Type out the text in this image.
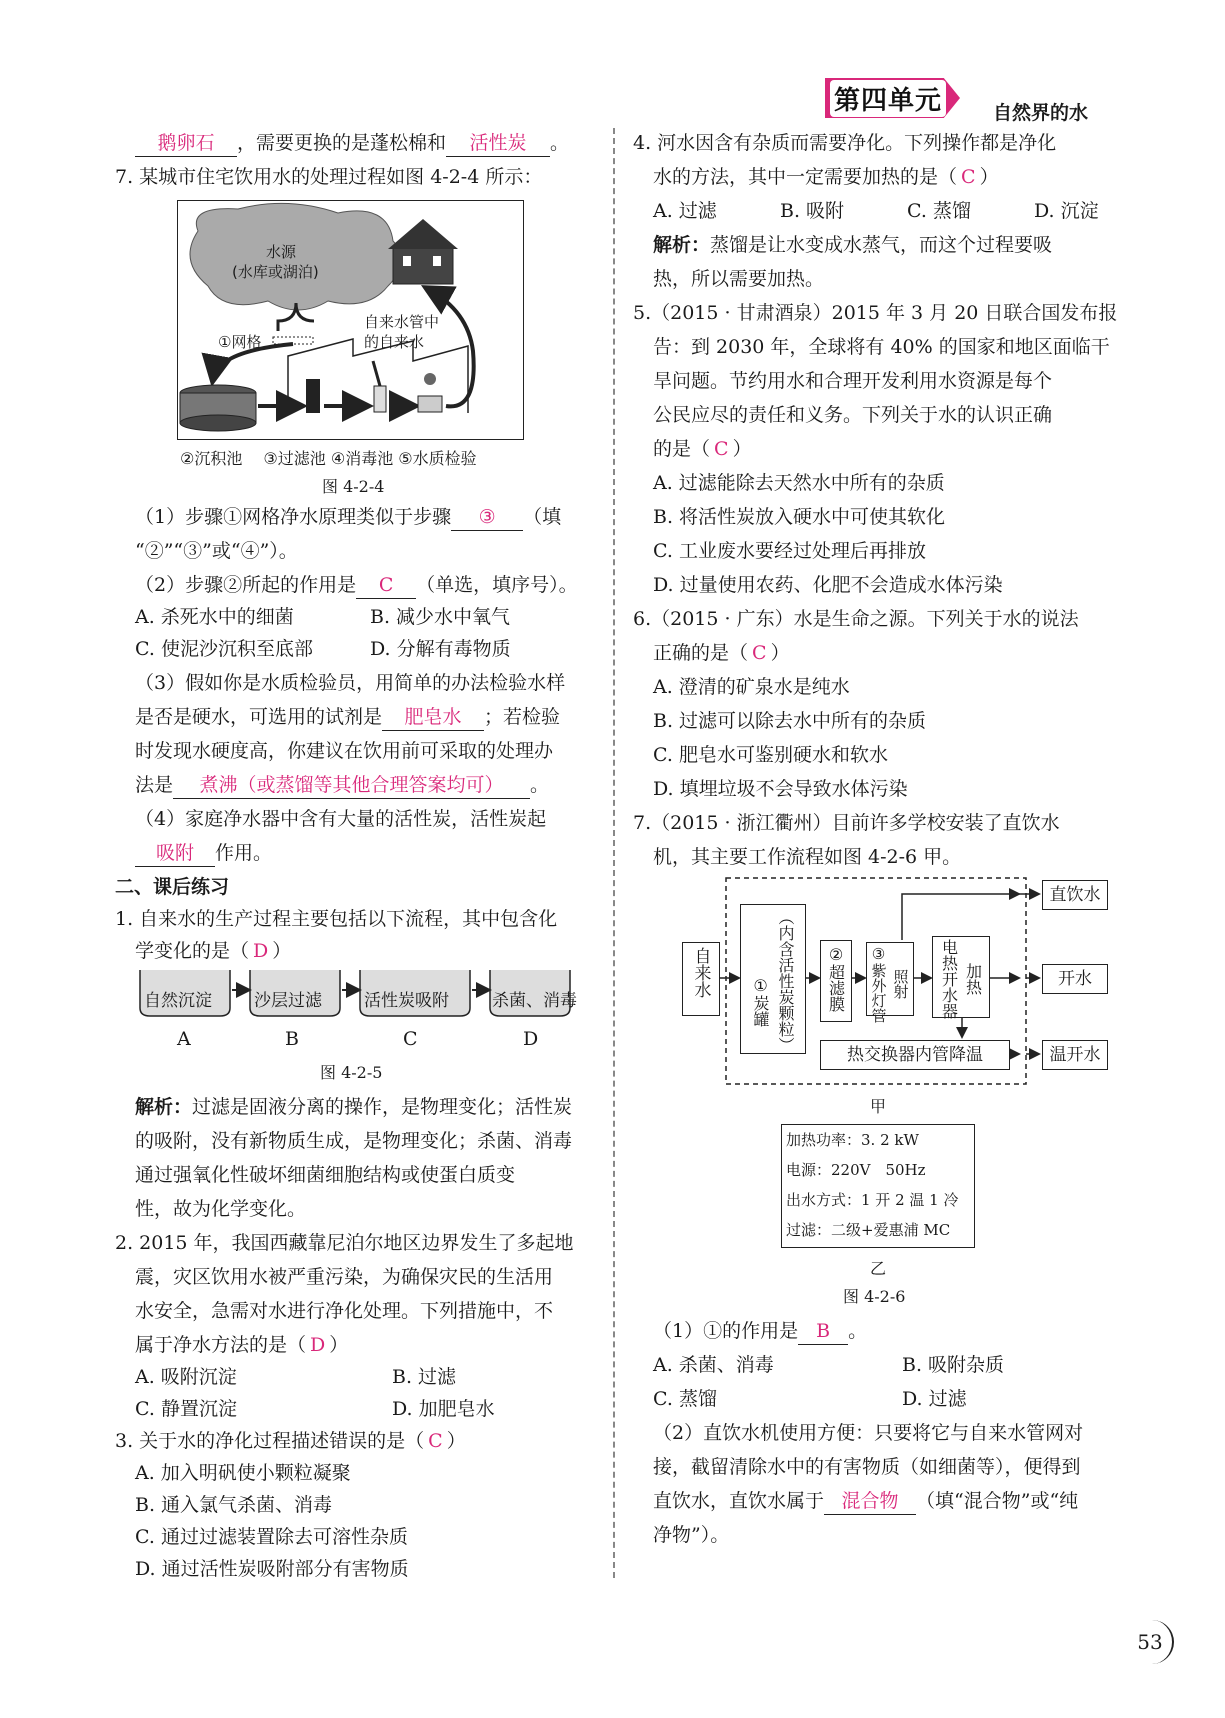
第四单元	自然界的水
鹅卵石 ，需要更换的是蓬松棉和 活性炭 。
7. 某城市住宅饮用水的处理过程如图 4-2-4 所示：
水源
(水库或湖泊)
自来水管中
的自来水
①网格
②沉积池　 ③过滤池 ④消毒池 ⑤水质检验
图 4-2-4
（1）步骤①网格净水原理类似于步骤 ③ （填
“②”“③”或“④”）。
（2）步骤②所起的作用是 C （单选，填序号）。
A. 杀死水中的细菌	B. 减少水中氧气
C. 使泥沙沉积至底部	D. 分解有毒物质
（3）假如你是水质检验员，用简单的办法检验水样
是否是硬水，可选用的试剂是 肥皂水 ；若检验
时发现水硬度高，你建议在饮用前可采取的处理办
法是 煮沸（或蒸馏等其他合理答案均可） 。
（4）家庭净水器中含有大量的活性炭，活性炭起
吸附 作用。
二、课后练习
1. 自来水的生产过程主要包括以下流程，其中包含化
学变化的是（ D ）
自然沉淀 沙层过滤 活性炭吸附	杀菌、消毒
A	B	C	D
图 4-2-5
解析：过滤是固液分离的操作，是物理变化；活性炭
的吸附，没有新物质生成，是物理变化；杀菌、消毒
通过强氧化性破坏细菌细胞结构或使蛋白质变
性，故为化学变化。
2. 2015 年，我国西藏靠尼泊尔地区边界发生了多起地
震，灾区饮用水被严重污染，为确保灾民的生活用
水安全，急需对水进行净化处理。下列措施中，不
属于净水方法的是（ D ）
A. 吸附沉淀	B. 过滤
C. 静置沉淀	D. 加肥皂水
3. 关于水的净化过程描述错误的是（ C ）
A. 加入明矾使小颗粒凝聚
B. 通入氯气杀菌、消毒
C. 通过过滤装置除去可溶性杂质
D. 通过活性炭吸附部分有害物质
4. 河水因含有杂质而需要净化。下列操作都是净化
水的方法，其中一定需要加热的是（ C ）
A. 过滤	B. 吸附	C. 蒸馏	D. 沉淀
解析：蒸馏是让水变成水蒸气，而这个过程要吸
热，所以需要加热。
5.（2015 · 甘肃酒泉）2015 年 3 月 20 日联合国发布报
告：到 2030 年，全球将有 40% 的国家和地区面临干
旱问题。节约用水和合理开发利用水资源是每个
公民应尽的责任和义务。下列关于水的认识正确
的是（ C ）
A. 过滤能除去天然水中所有的杂质
B. 将活性炭放入硬水中可使其软化
C. 工业废水要经过处理后再排放
D. 过量使用农药、化肥不会造成水体污染
6.（2015 · 广东）水是生命之源。下列关于水的说法
正确的是（ C ）
A. 澄清的矿泉水是纯水
B. 过滤可以除去水中所有的杂质
C. 肥皂水可鉴别硬水和软水
D. 填埋垃圾不会导致水体污染
7.（2015 · 浙江衢州）目前许多学校安装了直饮水
机，其主要工作流程如图 4-2-6 甲。
自来水	（内含活性炭颗粒）
①炭罐	②超滤膜	照射
③紫外灯管	加热
电热开水器
热交换器内管降温
直饮水
开水
温开水
甲
加热功率：3. 2 kW
电源：220V　50Hz
出水方式：1 开 2 温 1 冷
过滤：二级+爱惠浦 MC
乙
图 4-2-6
（1）①的作用是 B 。
A. 杀菌、消毒	B. 吸附杂质
C. 蒸馏	D. 过滤
（2）直饮水机使用方便：只要将它与自来水管网对
接，截留清除水中的有害物质（如细菌等），便得到
直饮水，直饮水属于 混合物 （填“混合物”或“纯
净物”）。
53
